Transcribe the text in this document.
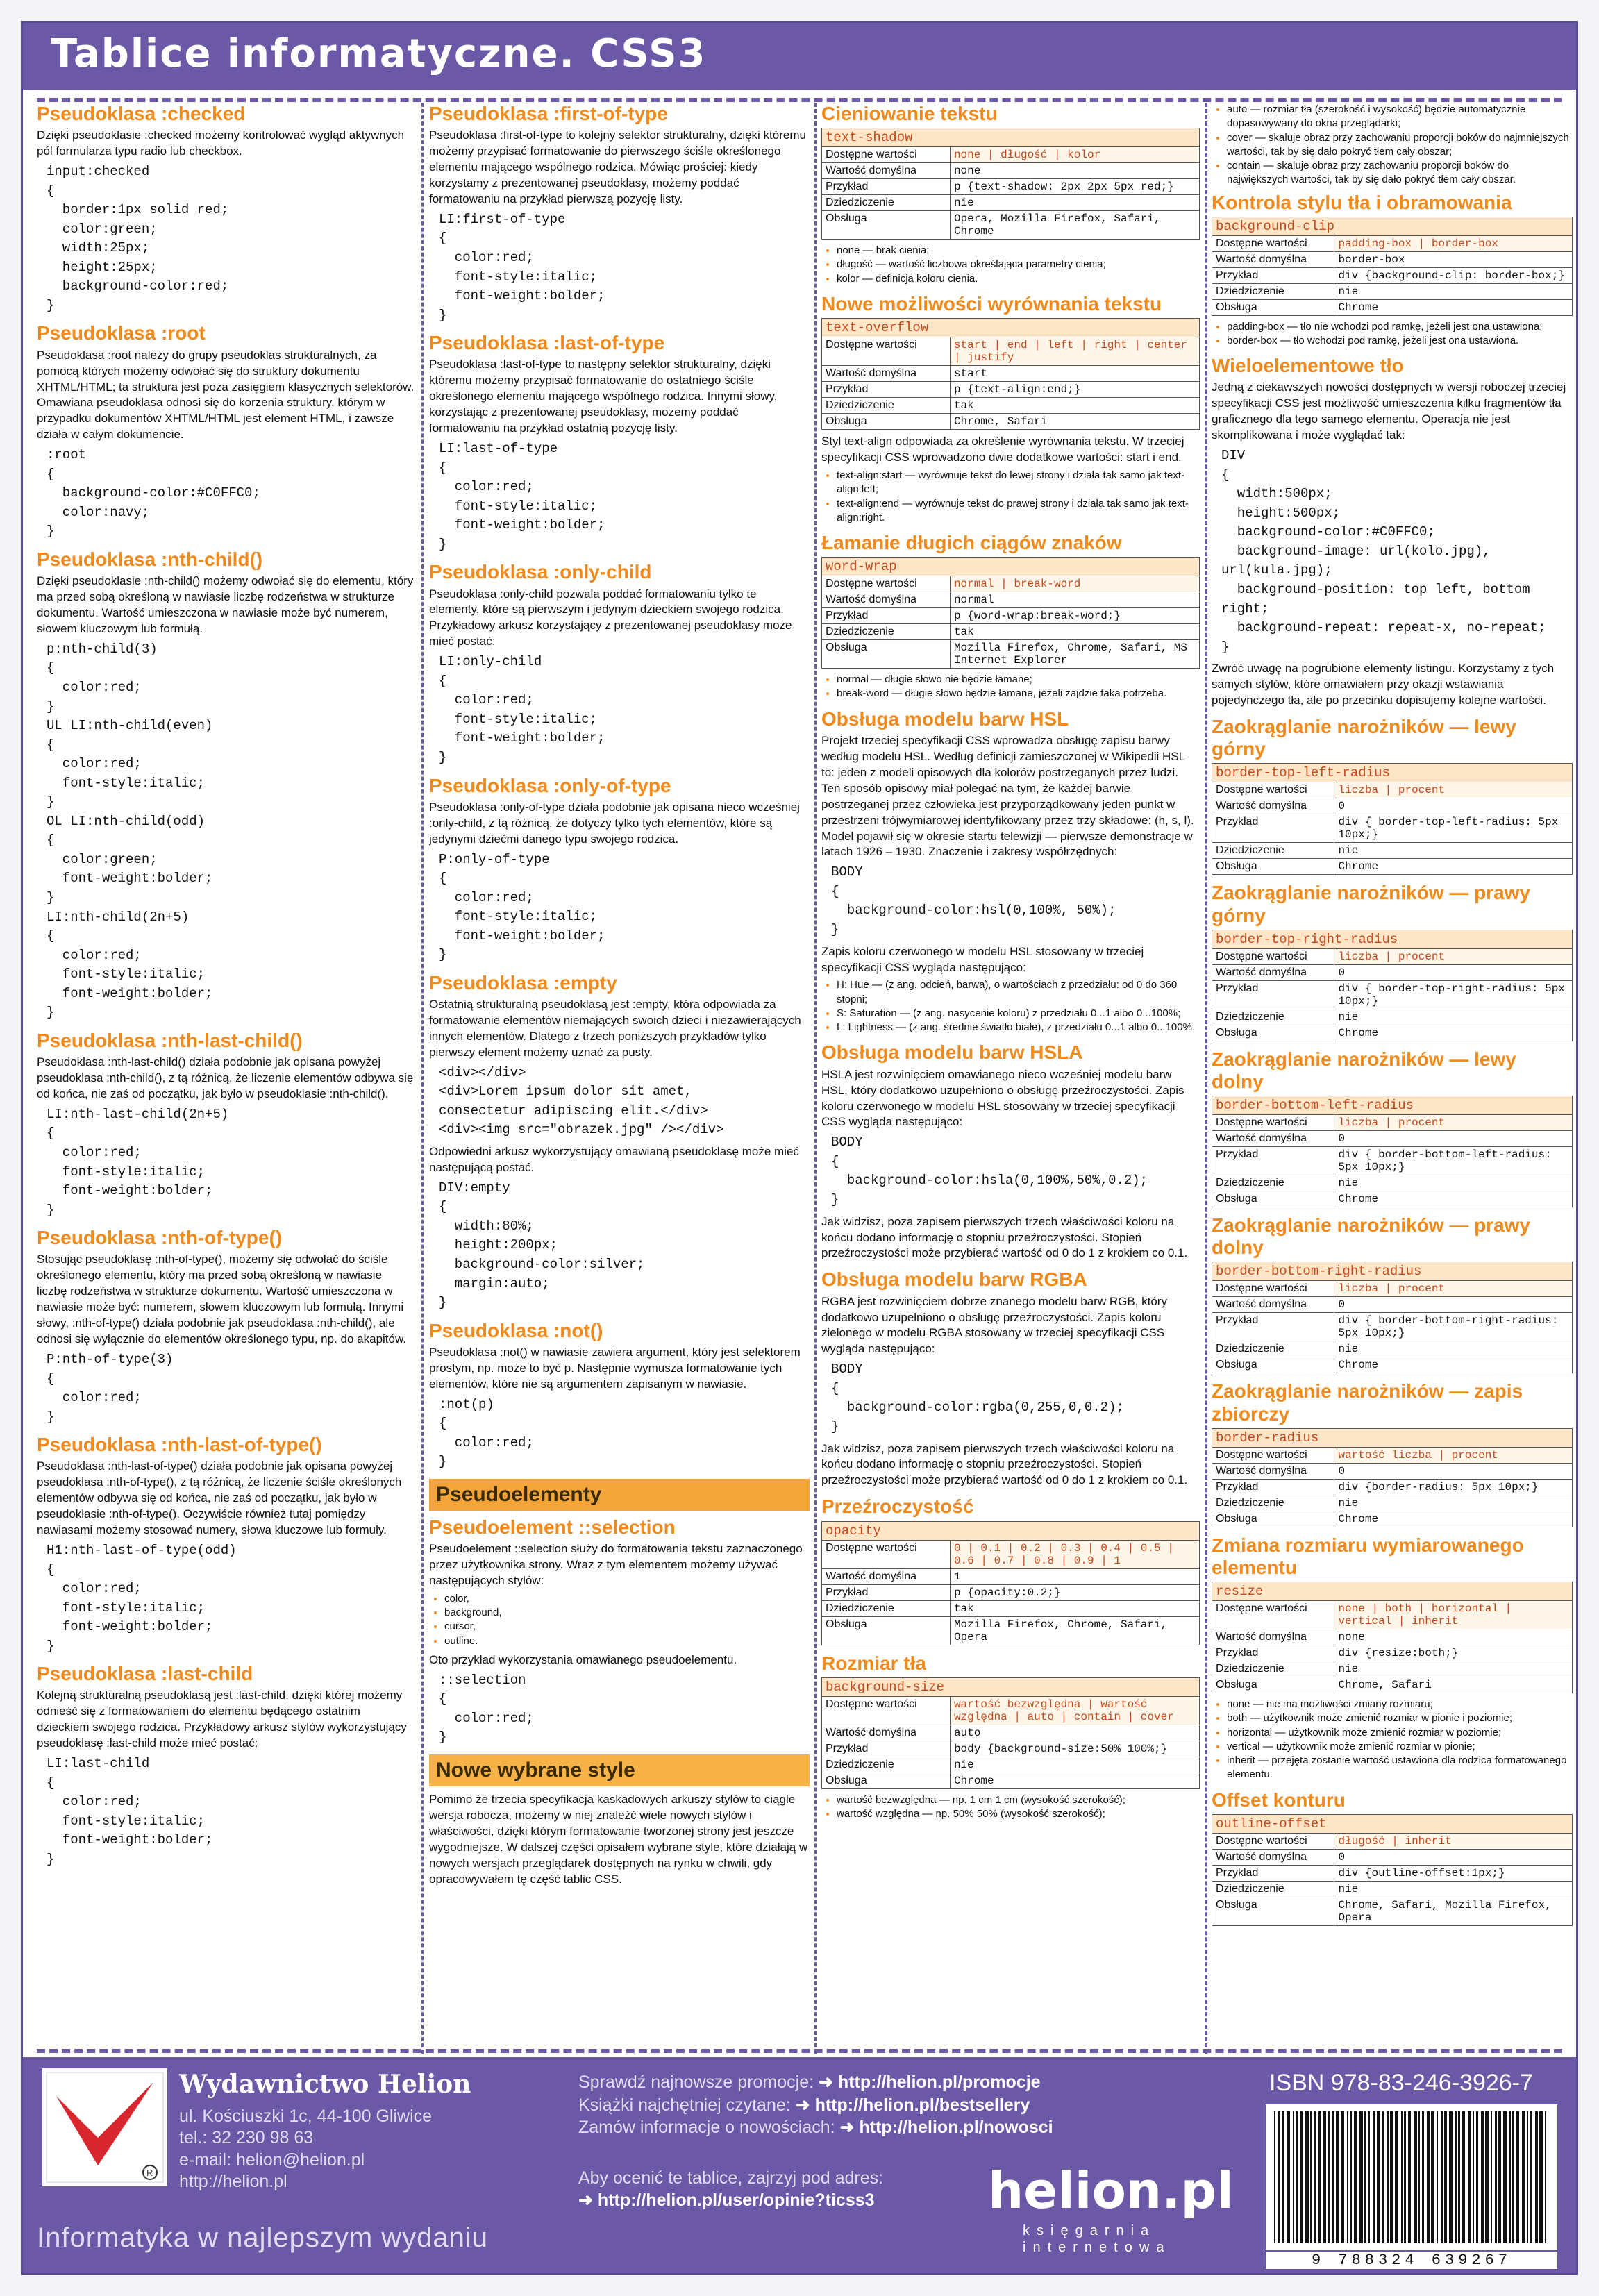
Tablice informatyczne. CSS3
Pseudoklasa :checked

Dzięki pseudoklasie :checked możemy kontrolować wygląd aktywnych pól formularza typu radio lub checkbox.

input:checked
{
border:1px solid red;
color:green;
width:25px;
height:25px;
background-color:red;
}
Pseudoklasa :root

Pseudoklasa :root należy do grupy pseudoklas strukturalnych, za pomocą których możemy odwołać się do struktury dokumentu XHTML/HTML; ta struktura jest poza zasięgiem klasycznych selektorów. Omawiana pseudoklasa odnosi się do korzenia struktury, którym w przypadku dokumentów XHTML/HTML jest element HTML, i zawsze działa w całym dokumencie.

:root
{
background-color:#C0FFC0;
color:navy;
}
Pseudoklasa :nth-child()

Dzięki pseudoklasie :nth-child() możemy odwołać się do elementu, który ma przed sobą określoną w nawiasie liczbę rodzeństwa w strukturze dokumentu. Wartość umieszczona w nawiasie może być numerem, słowem kluczowym lub formułą.

p:nth-child(3)
{
color:red;
}
UL LI:nth-child(even)
{
color:red;
font-style:italic;
}
OL LI:nth-child(odd)
{
color:green;
font-weight:bolder;
}
LI:nth-child(2n+5)
{
color:red;
font-style:italic;
font-weight:bolder;
}
Pseudoklasa :nth-last-child()

Pseudoklasa :nth-last-child() działa podobnie jak opisana powyżej pseudoklasa :nth-child(), z tą różnicą, że liczenie elementów odbywa się od końca, nie zaś od początku, jak było w pseudoklasie :nth-child().

LI:nth-last-child(2n+5)
{
color:red;
font-style:italic;
font-weight:bolder;
}
Pseudoklasa :nth-of-type()

Stosując pseudoklasę :nth-of-type(), możemy się odwołać do ściśle określonego elementu, który ma przed sobą określoną w nawiasie liczbę rodzeństwa w strukturze dokumentu. Wartość umieszczona w nawiasie może być: numerem, słowem kluczowym lub formułą. Innymi słowy, :nth-of-type() działa podobnie jak pseudoklasa :nth-child(), ale odnosi się wyłącznie do elementów określonego typu, np. do akapitów.

P:nth-of-type(3)
{
color:red;
}
Pseudoklasa :nth-last-of-type()

Pseudoklasa :nth-last-of-type() działa podobnie jak opisana powyżej pseudoklasa :nth-of-type(), z tą różnicą, że liczenie ściśle określonych elementów odbywa się od końca, nie zaś od początku, jak było w pseudoklasie :nth-of-type(). Oczywiście również tutaj pomiędzy nawiasami możemy stosować numery, słowa kluczowe lub formuły.

H1:nth-last-of-type(odd)
{
color:red;
font-style:italic;
font-weight:bolder;
}
Pseudoklasa :last-child

Kolejną strukturalną pseudoklasą jest :last-child, dzięki której możemy odnieść się z formatowaniem do elementu będącego ostatnim dzieckiem swojego rodzica. Przykładowy arkusz stylów wykorzystujący pseudoklasę :last-child może mieć postać:

LI:last-child
{
color:red;
font-style:italic;
font-weight:bolder;
}
Pseudoklasa :first-of-type

Pseudoklasa :first-of-type to kolejny selektor strukturalny, dzięki któremu możemy przypisać formatowanie do pierwszego ściśle określonego elementu mającego wspólnego rodzica. Mówiąc prościej: kiedy korzystamy z prezentowanej pseudoklasy, możemy poddać formatowaniu na przykład pierwszą pozycję listy.

LI:first-of-type
{
color:red;
font-style:italic;
font-weight:bolder;
}
Pseudoklasa :last-of-type

Pseudoklasa :last-of-type to następny selektor strukturalny, dzięki któremu możemy przypisać formatowanie do ostatniego ściśle określonego elementu mającego wspólnego rodzica. Innymi słowy, korzystając z prezentowanej pseudoklasy, możemy poddać formatowaniu na przykład ostatnią pozycję listy.

LI:last-of-type
{
color:red;
font-style:italic;
font-weight:bolder;
}
Pseudoklasa :only-child

Pseudoklasa :only-child pozwala poddać formatowaniu tylko te elementy, które są pierwszym i jedynym dzieckiem swojego rodzica. Przykładowy arkusz korzystający z prezentowanej pseudoklasy może mieć postać:

LI:only-child
{
color:red;
font-style:italic;
font-weight:bolder;
}
Pseudoklasa :only-of-type

Pseudoklasa :only-of-type działa podobnie jak opisana nieco wcześniej :only-child, z tą różnicą, że dotyczy tylko tych elementów, które są jedynymi dziećmi danego typu swojego rodzica.

P:only-of-type
{
color:red;
font-style:italic;
font-weight:bolder;
}
Pseudoklasa :empty

Ostatnią strukturalną pseudoklasą jest :empty, która odpowiada za formatowanie elementów niemających swoich dzieci i niezawierających innych elementów. Dlatego z trzech poniższych przykładów tylko pierwszy element możemy uznać za pusty.

<div></div>
<div>Lorem ipsum dolor sit amet,
consectetur adipiscing elit.</div>
<div><img src="obrazek.jpg" /></div>

Odpowiedni arkusz wykorzystujący omawianą pseudoklasę może mieć następującą postać.

DIV:empty
{
width:80%;
height:200px;
background-color:silver;
margin:auto;
}
Pseudoklasa :not()

Pseudoklasa :not() w nawiasie zawiera argument, który jest selektorem prostym, np. może to być p. Następnie wymusza formatowanie tych elementów, które nie są argumentem zapisanym w nawiasie.

:not(p)
{
color:red;
}
Pseudoelementy
Pseudoelement ::selection

Pseudoelement ::selection służy do formatowania tekstu zaznaczonego przez użytkownika strony. Wraz z tym elementem możemy używać następujących stylów:

• color,
• background,
• cursor,
• outline.

Oto przykład wykorzystania omawianego pseudoelementu.

::selection
{
color:red;
}
Nowe wybrane style

Pomimo że trzecia specyfikacja kaskadowych arkuszy stylów to ciągle wersja robocza, możemy w niej znaleźć wiele nowych stylów i właściwości, dzięki którym formatowanie tworzonej strony jest jeszcze wygodniejsze. W dalszej części opisałem wybrane style, które działają w nowych wersjach przeglądarek dostępnych na rynku w chwili, gdy opracowywałem tę część tablic CSS.

Cieniowanie tekstu
text-shadow	
Dostępne wartości	none | długość | kolor
Wartość domyślna	none
Przykład	p {text-shadow: 2px 2px 5px red;}
Dziedziczenie	nie
Obsługa	Opera, Mozilla Firefox, Safari, Chrome
• none — brak cienia;
• długość — wartość liczbowa określająca parametry cienia;
• kolor — definicja koloru cienia.
Nowe możliwości wyrównania tekstu
text-overflow	
Dostępne wartości	start | end | left | right | center | justify
Wartość domyślna	start
Przykład	p {text-align:end;}
Dziedziczenie	tak
Obsługa	Chrome, Safari

Styl text-align odpowiada za określenie wyrównania tekstu. W trzeciej specyfikacji CSS wprowadzono dwie dodatkowe wartości: start i end.

• text-align:start — wyrównuje tekst do lewej strony i działa tak samo jak text-align:left;
• text-align:end — wyrównuje tekst do prawej strony i działa tak samo jak text-align:right.
Łamanie długich ciągów znaków
word-wrap	
Dostępne wartości	normal | break-word
Wartość domyślna	normal
Przykład	p {word-wrap:break-word;}
Dziedziczenie	tak
Obsługa	Mozilla Firefox, Chrome, Safari, MS Internet Explorer
• normal — długie słowo nie będzie łamane;
• break-word — długie słowo będzie łamane, jeżeli zajdzie taka potrzeba.
Obsługa modelu barw HSL

Projekt trzeciej specyfikacji CSS wprowadza obsługę zapisu barwy według modelu HSL. Według definicji zamieszczonej w Wikipedii HSL to: jeden z modeli opisowych dla kolorów postrzeganych przez ludzi. Ten sposób opisowy miał polegać na tym, że każdej barwie postrzeganej przez człowieka jest przyporządkowany jeden punkt w przestrzeni trójwymiarowej identyfikowany przez trzy składowe: (h, s, l). Model pojawił się w okresie startu telewizji — pierwsze demonstracje w latach 1926 – 1930. Znaczenie i zakresy współrzędnych:

BODY
{
background-color:hsl(0,100%, 50%);
}

Zapis koloru czerwonego w modelu HSL stosowany w trzeciej specyfikacji CSS wygląda następująco:

• H: Hue — (z ang. odcień, barwa), o wartościach z przedziału: od 0 do 360 stopni;
• S: Saturation — (z ang. nasycenie koloru) z przedziału 0...1 albo 0...100%;
• L: Lightness — (z ang. średnie światło białe), z przedziału 0...1 albo 0...100%.
Obsługa modelu barw HSLA

HSLA jest rozwinięciem omawianego nieco wcześniej modelu barw HSL, który dodatkowo uzupełniono o obsługę przeźroczystości. Zapis koloru czerwonego w modelu HSL stosowany w trzeciej specyfikacji CSS wygląda następująco:

BODY
{
background-color:hsla(0,100%,50%,0.2);
}

Jak widzisz, poza zapisem pierwszych trzech właściwości koloru na końcu dodano informację o stopniu przeźroczystości. Stopień przeźroczystości może przybierać wartość od 0 do 1 z krokiem co 0.1.

Obsługa modelu barw RGBA

RGBA jest rozwinięciem dobrze znanego modelu barw RGB, który dodatkowo uzupełniono o obsługę przeźroczystości. Zapis koloru zielonego w modelu RGBA stosowany w trzeciej specyfikacji CSS wygląda następująco:

BODY
{
background-color:rgba(0,255,0,0.2);
}

Jak widzisz, poza zapisem pierwszych trzech właściwości koloru na końcu dodano informację o stopniu przeźroczystości. Stopień przeźroczystości może przybierać wartość od 0 do 1 z krokiem co 0.1.

Przeźroczystość
opacity	
Dostępne wartości	0 | 0.1 | 0.2 | 0.3 | 0.4 | 0.5 | 0.6 | 0.7 | 0.8 | 0.9 | 1
Wartość domyślna	1
Przykład	p {opacity:0.2;}
Dziedziczenie	tak
Obsługa	Mozilla Firefox, Chrome, Safari, Opera
Rozmiar tła
background-size	
Dostępne wartości	wartość bezwzględna | wartość względna | auto | contain | cover
Wartość domyślna	auto
Przykład	body {background-size:50% 100%;}
Dziedziczenie	nie
Obsługa	Chrome
• wartość bezwzględna — np. 1 cm 1 cm (wysokość szerokość);
• wartość względna — np. 50% 50% (wysokość szerokość);
• auto — rozmiar tła (szerokość i wysokość) będzie automatycznie dopasowywany do okna przeglądarki;
• cover — skaluje obraz przy zachowaniu proporcji boków do najmniejszych wartości, tak by się dało pokryć tłem cały obszar;
• contain — skaluje obraz przy zachowaniu proporcji boków do największych wartości, tak by się dało pokryć tłem cały obszar.
Kontrola stylu tła i obramowania
background-clip	
Dostępne wartości	padding-box | border-box
Wartość domyślna	border-box
Przykład	div {background-clip: border-box;}
Dziedziczenie	nie
Obsługa	Chrome
• padding-box — tło nie wchodzi pod ramkę, jeżeli jest ona ustawiona;
• border-box — tło wchodzi pod ramkę, jeżeli jest ona ustawiona.
Wieloelementowe tło

Jedną z ciekawszych nowości dostępnych w wersji roboczej trzeciej specyfikacji CSS jest możliwość umieszczenia kilku fragmentów tła graficznego dla tego samego elementu. Operacja nie jest skomplikowana i może wyglądać tak:

DIV
{
width:500px;
height:500px;
background-color:#C0FFC0;
background-image: url(kolo.jpg),
url(kula.jpg);
background-position: top left, bottom
right;
background-repeat: repeat-x, no-repeat;
}

Zwróć uwagę na pogrubione elementy listingu. Korzystamy z tych samych stylów, które omawiałem przy okazji wstawiania pojedynczego tła, ale po przecinku dopisujemy kolejne wartości.

Zaokrąglanie narożników — lewy górny
border-top-left-radius	
Dostępne wartości	liczba | procent
Wartość domyślna	0
Przykład	div { border-top-left-radius: 5px 10px;}
Dziedziczenie	nie
Obsługa	Chrome
Zaokrąglanie narożników — prawy górny
border-top-right-radius	
Dostępne wartości	liczba | procent
Wartość domyślna	0
Przykład	div { border-top-right-radius: 5px 10px;}
Dziedziczenie	nie
Obsługa	Chrome
Zaokrąglanie narożników — lewy dolny
border-bottom-left-radius	
Dostępne wartości	liczba | procent
Wartość domyślna	0
Przykład	div { border-bottom-left-radius: 5px 10px;}
Dziedziczenie	nie
Obsługa	Chrome
Zaokrąglanie narożników — prawy dolny
border-bottom-right-radius	
Dostępne wartości	liczba | procent
Wartość domyślna	0
Przykład	div { border-bottom-right-radius: 5px 10px;}
Dziedziczenie	nie
Obsługa	Chrome
Zaokrąglanie narożników — zapis zbiorczy
border-radius	
Dostępne wartości	wartość liczba | procent
Wartość domyślna	0
Przykład	div {border-radius: 5px 10px;}
Dziedziczenie	nie
Obsługa	Chrome
Zmiana rozmiaru wymiarowanego elementu
resize	
Dostępne wartości	none | both | horizontal | vertical | inherit
Wartość domyślna	none
Przykład	div {resize:both;}
Dziedziczenie	nie
Obsługa	Chrome, Safari
• none — nie ma możliwości zmiany rozmiaru;
• both — użytkownik może zmienić rozmiar w pionie i poziomie;
• horizontal — użytkownik może zmienić rozmiar w poziomie;
• vertical — użytkownik może zmienić rozmiar w pionie;
• inherit — przejęta zostanie wartość ustawiona dla rodzica formatowanego elementu.
Offset konturu
outline-offset	
Dostępne wartości	długość | inherit
Wartość domyślna	0
Przykład	div {outline-offset:1px;}
Dziedziczenie	nie
Obsługa	Chrome, Safari, Mozilla Firefox, Opera
R
Wydawnictwo Helion
ul. Kościuszki 1c, 44-100 Gliwice
tel.: 32 230 98 63
e-mail: helion@helion.pl
http://helion.pl
Informatyka w najlepszym wydaniu
Sprawdź najnowsze promocje: ➜ http://helion.pl/promocje
Książki najchętniej czytane: ➜ http://helion.pl/bestsellery
Zamów informacje o nowościach: ➜ http://helion.pl/nowosci
Aby ocenić te tablice, zajrzyj pod adres:
➜ http://helion.pl/user/opinie?ticss3	helion.pl
księgarnia
internetowa
ISBN 978-83-246-3926-7
9 788324 639267
